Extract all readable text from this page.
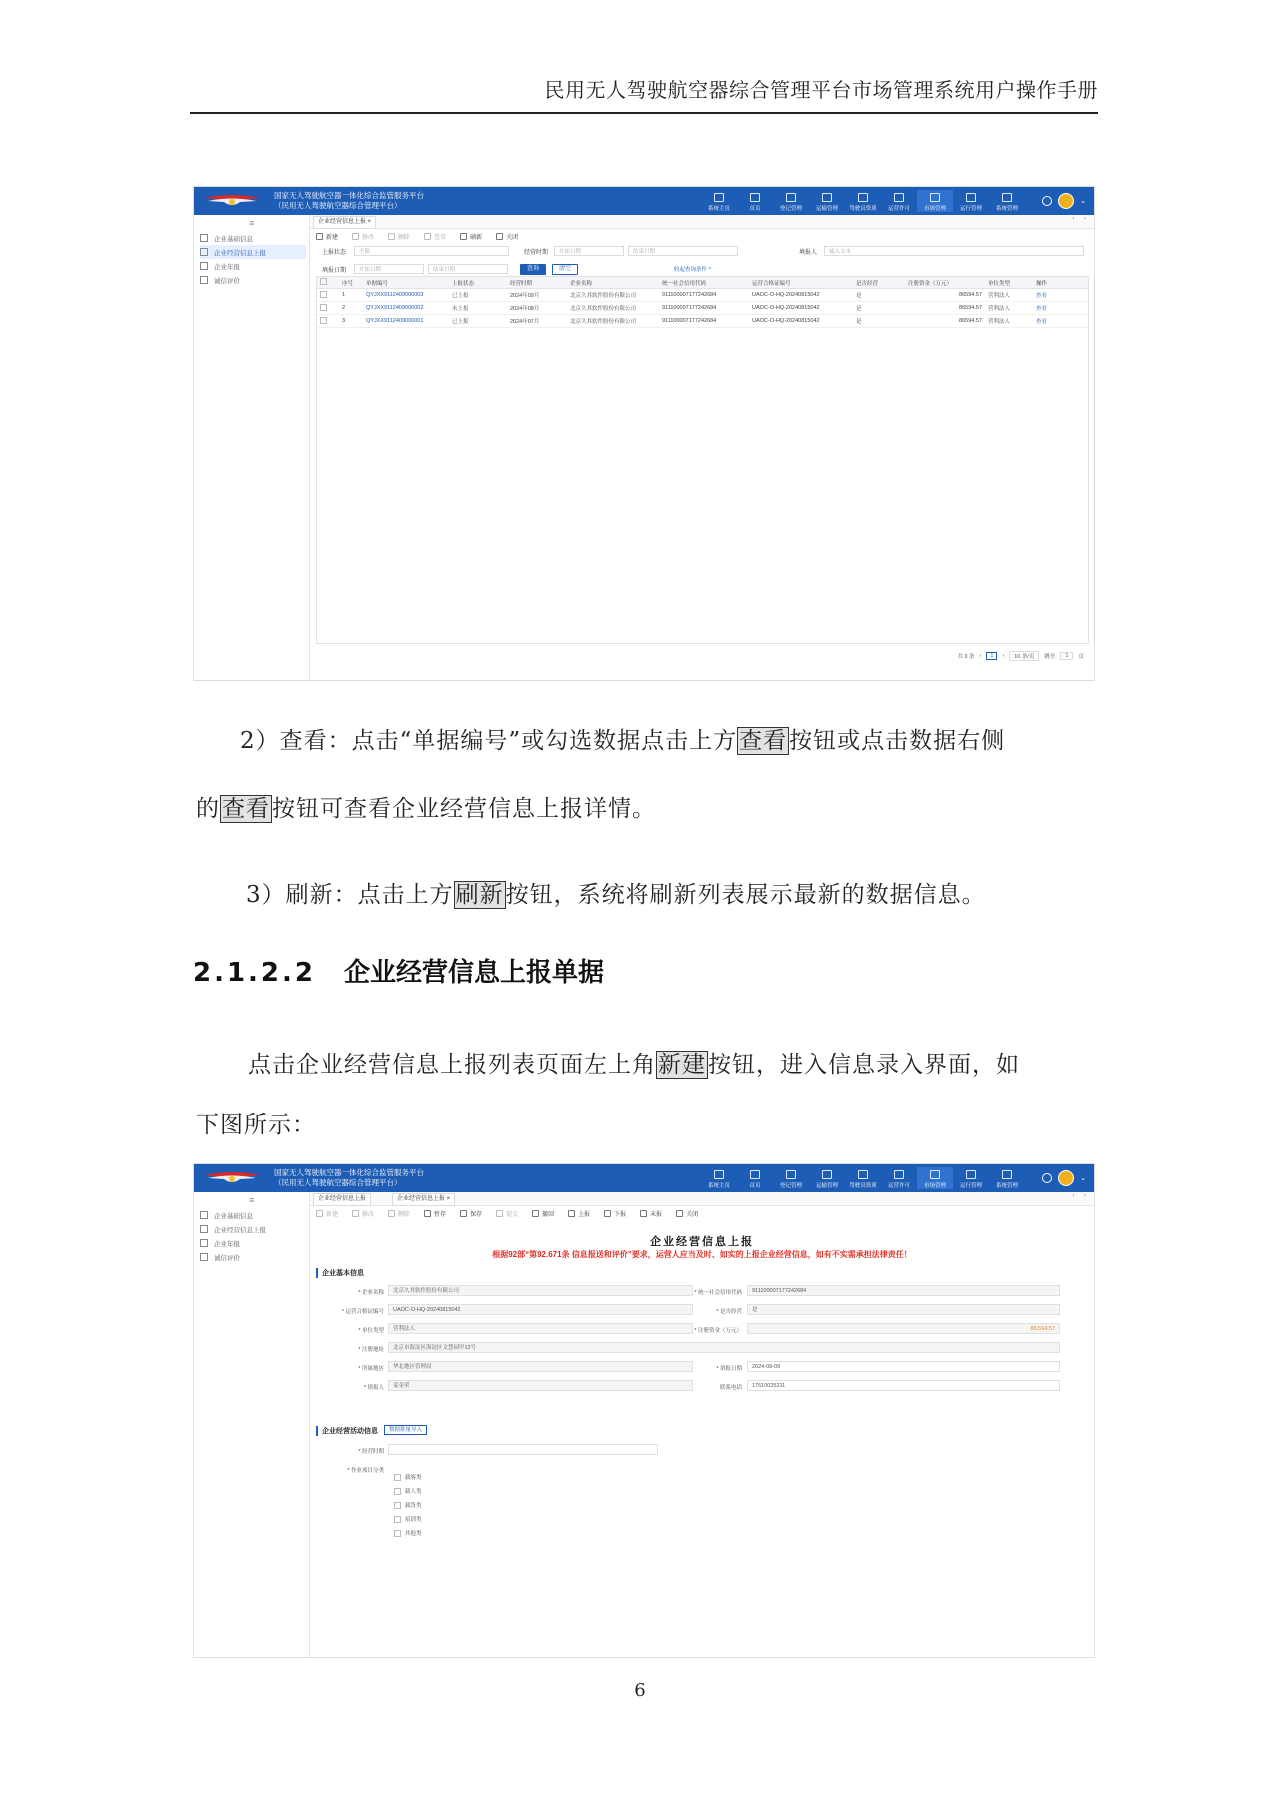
民用无人驾驶航空器综合管理平台市场管理系统用户操作手册
国家无人驾驶航空器一体化综合监管服务平台
（民用无人驾驶航空器综合管理平台）	系统主页	首页	登记管理	运输管理 驾驶员资质 运营许可	市场管理	运行管理	系统管理
⌄
≡
企业基础信息
企业经营信息上报
企业年报
诚信评价
企业经营信息上报 ×	‹ ›
新建	修改	删除	查看	刷新	关闭
上报状态	不限	经营时期	开始日期	结束日期	填报人	输入文本
填报日期	开始日期	结束日期	查询	清空	收起查询条件 ^
	序号	单据编号	上报状态	经营时期	企业名称	统一社会信用代码	运营合格证编号	是否经营	注册资金（万元）	单位类型	操作
	1	QYJXX9112409000003	已上报	2024年09月	北京久其软件股份有限公司	911100007177242684	UAOC-O-HQ-20240815042	是	86594.57	营利法人	查看
	2	QYJXX9112409000002	未上报	2024年08月	北京久其软件股份有限公司	911100007177242684	UAOC-O-HQ-20240815042	是	86594.57	营利法人	查看
	3	QYJXX9112409000001	已上报	2024年07月	北京久其软件股份有限公司	911100007177242684	UAOC-O-HQ-20240815042	是	86594.57	营利法人	查看
共 3 条 ‹	1	›	10 条/页	跳至	1	页
2）查看：点击“单据编号”或勾选数据点击上方查看按钮或点击数据右侧
的查看按钮可查看企业经营信息上报详情。
3）刷新：点击上方刷新按钮，系统将刷新列表展示最新的数据信息。
2.1.2.2 企业经营信息上报单据
点击企业经营信息上报列表页面左上角新建按钮，进入信息录入界面，如
下图所示：
国家无人驾驶航空器一体化综合监管服务平台
（民用无人驾驶航空器综合管理平台）	系统主页	首页	登记管理	运输管理 驾驶员资质 运营许可	市场管理	运行管理	系统管理
⌄
≡
企业基础信息
企业经营信息上报
企业年报
诚信评价
企业经营信息上报	企业经营信息上报 ×	‹ ›
新建	修改	删除	暂存	保存	提交	撤回	上报	下报	未报	关闭
企业经营信息上报
根据92部“第92.671条 信息报送和评价”要求，运营人应当及时、如实的上报企业经营信息，如有不实需承担法律责任！
企业基本信息
* 企业名称	北京久其软件股份有限公司
* 运营合格证编号	UAOC-O-HQ-20240815042
* 单位类型	营利法人
* 注册地址	北京市海淀区海淀区文慧园甲12号
* 所属地区	华北地区管理局
* 填报人	姜金荣
* 统一社会信用代码	911100007177242684
* 是否经营	是
* 注册资金（万元）	86,594.57
* 填报日期	2024-09-09
联系电话	17610025211
企业经营活动信息	数据批量导入
* 经营时期
* 作业项目分类
载客类
载人类
载货类
培训类
其他类
6
